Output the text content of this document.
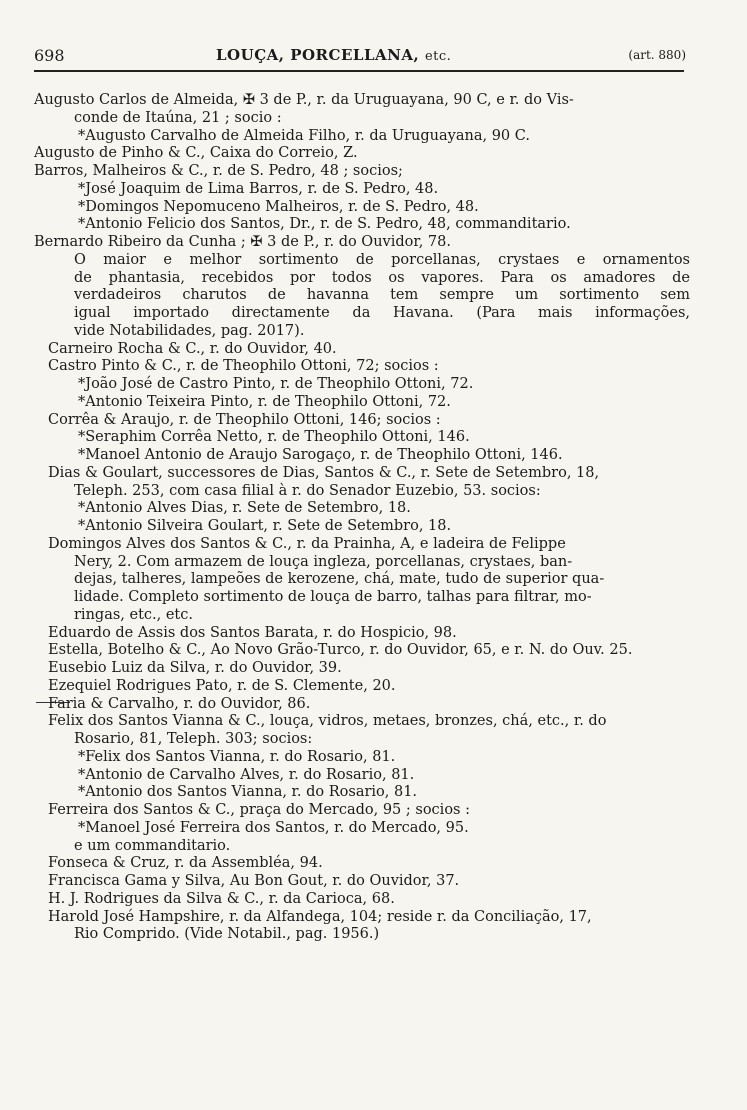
698	LOUÇA, PORCELLANA, etc.	(art. 880)
Augusto Carlos de Almeida, ✠ 3 de P., r. da Uruguayana, 90 C, e r. do Vis-
conde de Itaúna, 21 ; socio :
*Augusto Carvalho de Almeida Filho, r. da Uruguayana, 90 C.
Augusto de Pinho & C., Caixa do Correio, Z.
Barros, Malheiros & C., r. de S. Pedro, 48 ; socios;
*José Joaquim de Lima Barros, r. de S. Pedro, 48.
*Domingos Nepomuceno Malheiros, r. de S. Pedro, 48.
*Antonio Felicio dos Santos, Dr., r. de S. Pedro, 48, commanditario.
Bernardo Ribeiro da Cunha ; ✠ 3 de P., r. do Ouvidor, 78.
O maior e melhor sortimento de porcellanas, crystaes e ornamentos
de phantasia, recebidos por todos os vapores. Para os amadores de
verdadeiros charutos de havanna tem sempre um sortimento sem
igual importado directamente da Havana. (Para mais informações,
vide Notabilidades, pag. 2017).
Carneiro Rocha & C., r. do Ouvidor, 40.
Castro Pinto & C., r. de Theophilo Ottoni, 72; socios :
*João José de Castro Pinto, r. de Theophilo Ottoni, 72.
*Antonio Teixeira Pinto, r. de Theophilo Ottoni, 72.
Corrêa & Araujo, r. de Theophilo Ottoni, 146; socios :
*Seraphim Corrêa Netto, r. de Theophilo Ottoni, 146.
*Manoel Antonio de Araujo Sarogaço, r. de Theophilo Ottoni, 146.
Dias & Goulart, successores de Dias, Santos & C., r. Sete de Setembro, 18,
Teleph. 253, com casa filial à r. do Senador Euzebio, 53. socios:
*Antonio Alves Dias, r. Sete de Setembro, 18.
*Antonio Silveira Goulart, r. Sete de Setembro, 18.
Domingos Alves dos Santos & C., r. da Prainha, A, e ladeira de Felippe
Nery, 2. Com armazem de louça ingleza, porcellanas, crystaes, ban-
dejas, talheres, lampeões de kerozene, chá, mate, tudo de superior qua-
lidade. Completo sortimento de louça de barro, talhas para filtrar, mo-
ringas, etc., etc.
Eduardo de Assis dos Santos Barata, r. do Hospicio, 98.
Estella, Botelho & C., Ao Novo Grão-Turco, r. do Ouvidor, 65, e r. N. do Ouv. 25.
Eusebio Luiz da Silva, r. do Ouvidor, 39.
Ezequiel Rodrigues Pato, r. de S. Clemente, 20.
Faria & Carvalho, r. do Ouvidor, 86.
Felix dos Santos Vianna & C., louça, vidros, metaes, bronzes, chá, etc., r. do
Rosario, 81, Teleph. 303; socios:
*Felix dos Santos Vianna, r. do Rosario, 81.
*Antonio de Carvalho Alves, r. do Rosario, 81.
*Antonio dos Santos Vianna, r. do Rosario, 81.
Ferreira dos Santos & C., praça do Mercado, 95 ; socios :
*Manoel José Ferreira dos Santos, r. do Mercado, 95.
e um commanditario.
Fonseca & Cruz, r. da Assembléa, 94.
Francisca Gama y Silva, Au Bon Gout, r. do Ouvidor, 37.
H. J. Rodrigues da Silva & C., r. da Carioca, 68.
Harold José Hampshire, r. da Alfandega, 104; reside r. da Conciliação, 17,
Rio Comprido. (Vide Notabil., pag. 1956.)
